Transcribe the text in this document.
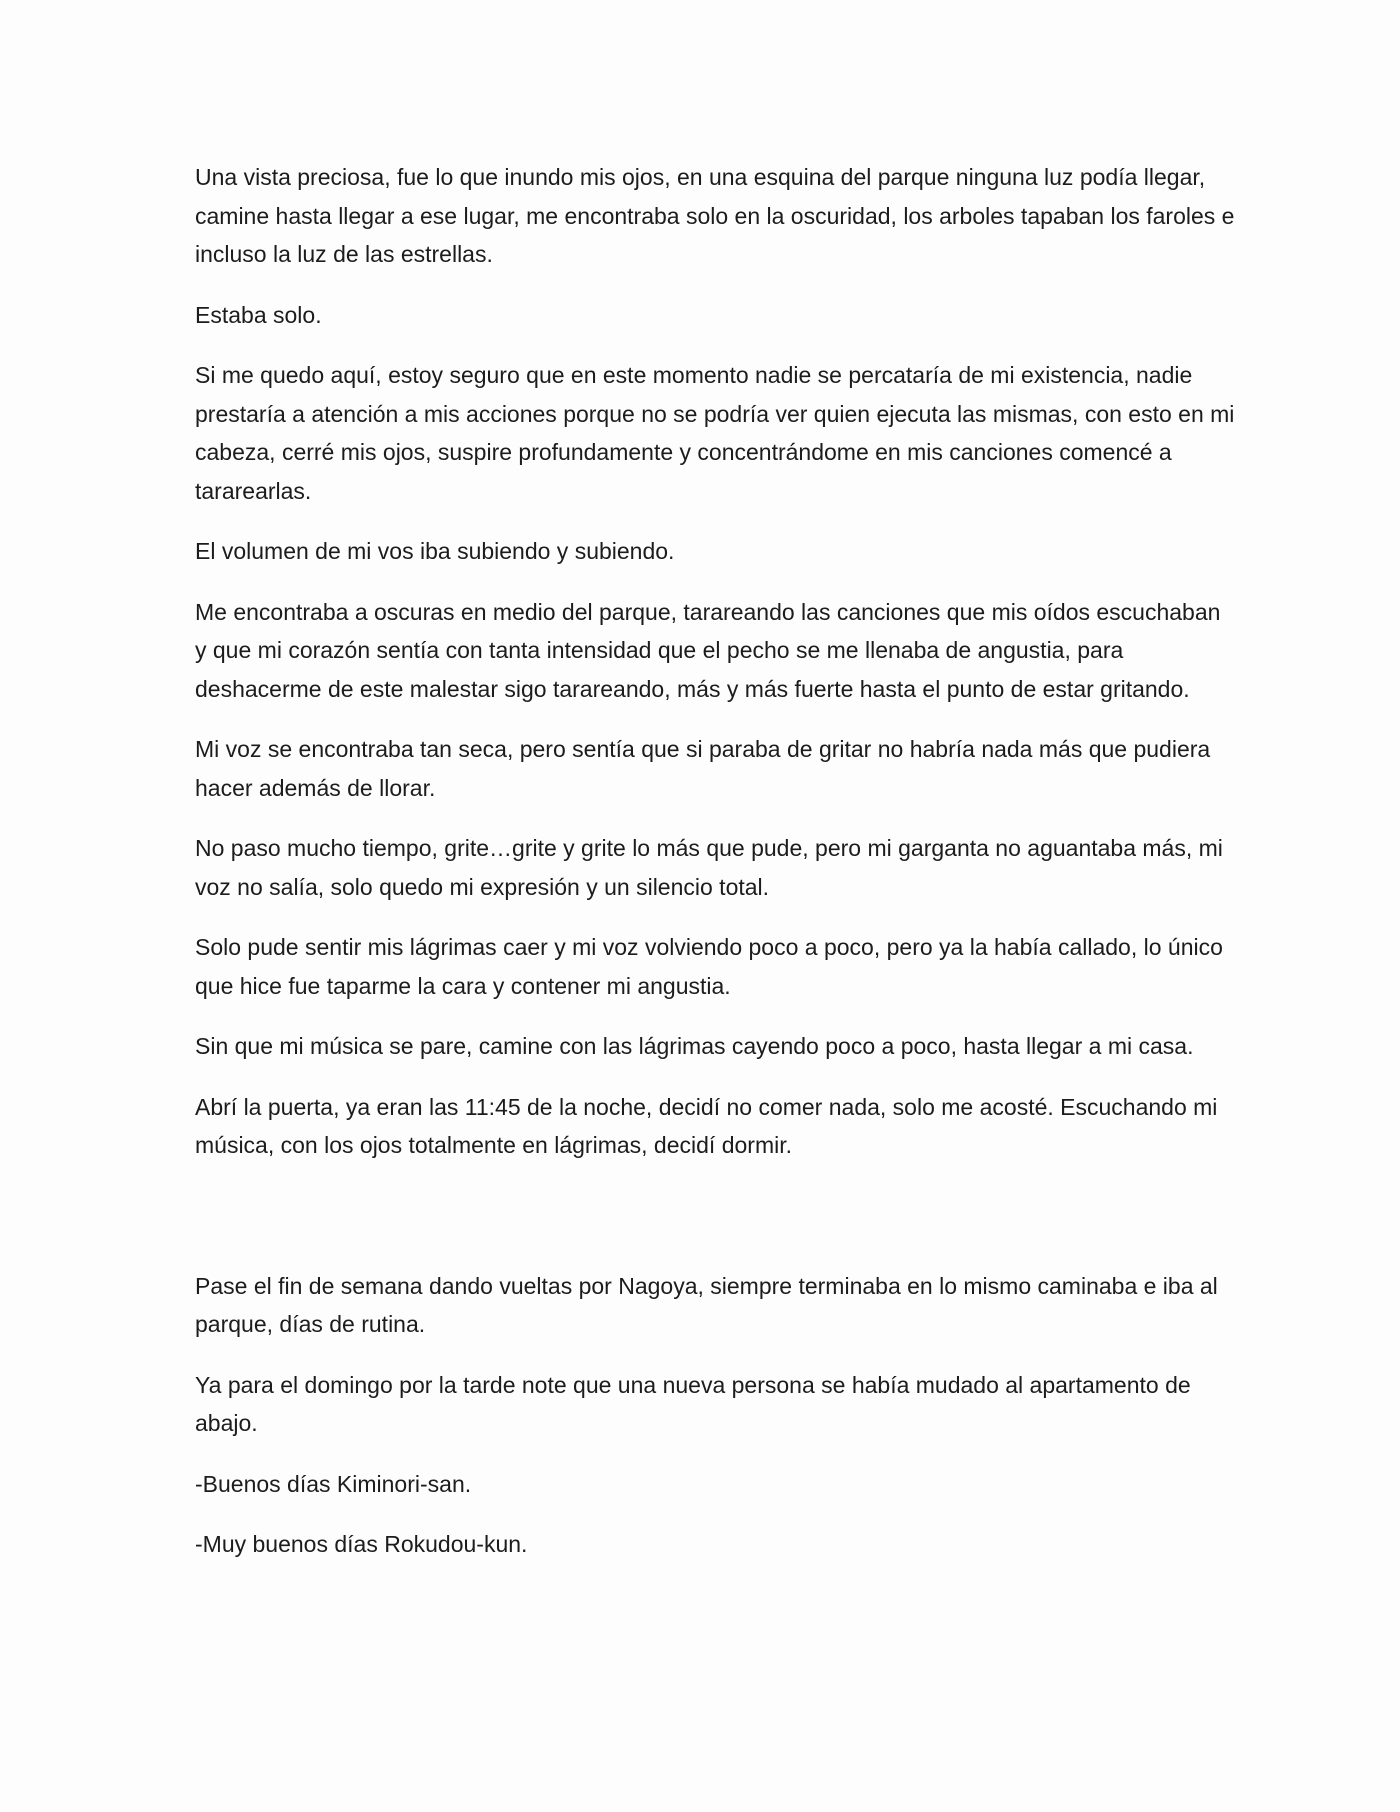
Una vista preciosa, fue lo que inundo mis ojos, en una esquina del parque ninguna luz podía llegar, camine hasta llegar a ese lugar, me encontraba solo en la oscuridad, los arboles tapaban los faroles e incluso la luz de las estrellas.

Estaba solo.

Si me quedo aquí, estoy seguro que en este momento nadie se percataría de mi existencia, nadie prestaría a atención a mis acciones porque no se podría ver quien ejecuta las mismas, con esto en mi cabeza, cerré mis ojos, suspire profundamente y concentrándome en mis canciones comencé a tararearlas.

El volumen de mi vos iba subiendo y subiendo.

Me encontraba a oscuras en medio del parque, tarareando las canciones que mis oídos escuchaban y que mi corazón sentía con tanta intensidad que el pecho se me llenaba de angustia, para deshacerme de este malestar sigo tarareando, más y más fuerte hasta el punto de estar gritando.

Mi voz se encontraba tan seca, pero sentía que si paraba de gritar no habría nada más que pudiera hacer además de llorar.

No paso mucho tiempo, grite…grite y grite lo más que pude, pero mi garganta no aguantaba más, mi voz no salía, solo quedo mi expresión y un silencio total.

Solo pude sentir mis lágrimas caer y mi voz volviendo poco a poco, pero ya la había callado, lo único que hice fue taparme la cara y contener mi angustia.

Sin que mi música se pare, camine con las lágrimas cayendo poco a poco, hasta llegar a mi casa.

Abrí la puerta, ya eran las 11:45 de la noche, decidí no comer nada, solo me acosté. Escuchando mi música, con los ojos totalmente en lágrimas, decidí dormir.

Pase el fin de semana dando vueltas por Nagoya, siempre terminaba en lo mismo caminaba e iba al parque, días de rutina.

Ya para el domingo por la tarde note que una nueva persona se había mudado al apartamento de abajo.

-Buenos días Kiminori-san.

-Muy buenos días Rokudou-kun.
